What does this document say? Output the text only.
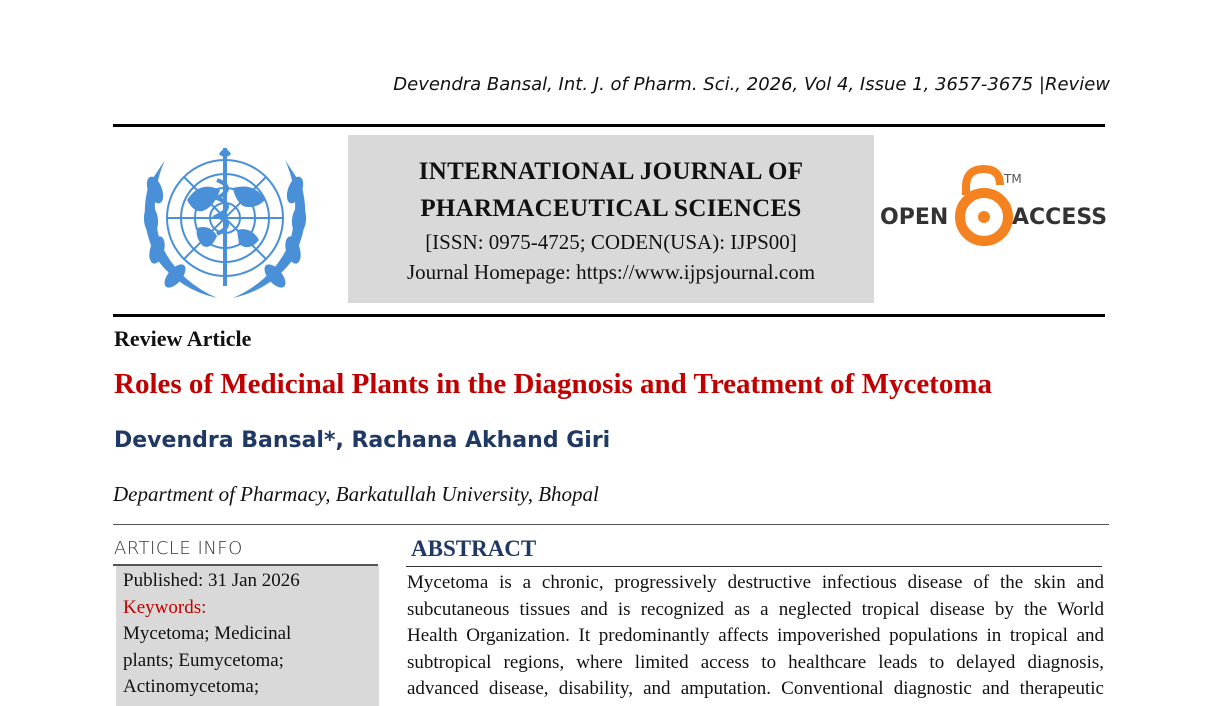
Devendra Bansal, Int. J. of Pharm. Sci., 2026, Vol 4, Issue 1, 3657-3675 |Review
INTERNATIONAL JOURNAL OF
PHARMACEUTICAL SCIENCES
[ISSN: 0975-4725; CODEN(USA): IJPS00]
Journal Homepage: https://www.ijpsjournal.com
OPEN	ACCESS
TM
Review Article
Roles of Medicinal Plants in the Diagnosis and Treatment of Mycetoma
Devendra Bansal*, Rachana Akhand Giri
Department of Pharmacy, Barkatullah University, Bhopal
ARTICLE INFO
Published: 31 Jan 2026
Keywords:
Mycetoma; Medicinal
plants; Eumycetoma;
Actinomycetoma;
ABSTRACT
Mycetoma is a chronic, progressively destructive infectious disease of the skin and
subcutaneous tissues and is recognized as a neglected tropical disease by the World
Health Organization. It predominantly affects impoverished populations in tropical and
subtropical regions, where limited access to healthcare leads to delayed diagnosis,
advanced disease, disability, and amputation. Conventional diagnostic and therapeutic
